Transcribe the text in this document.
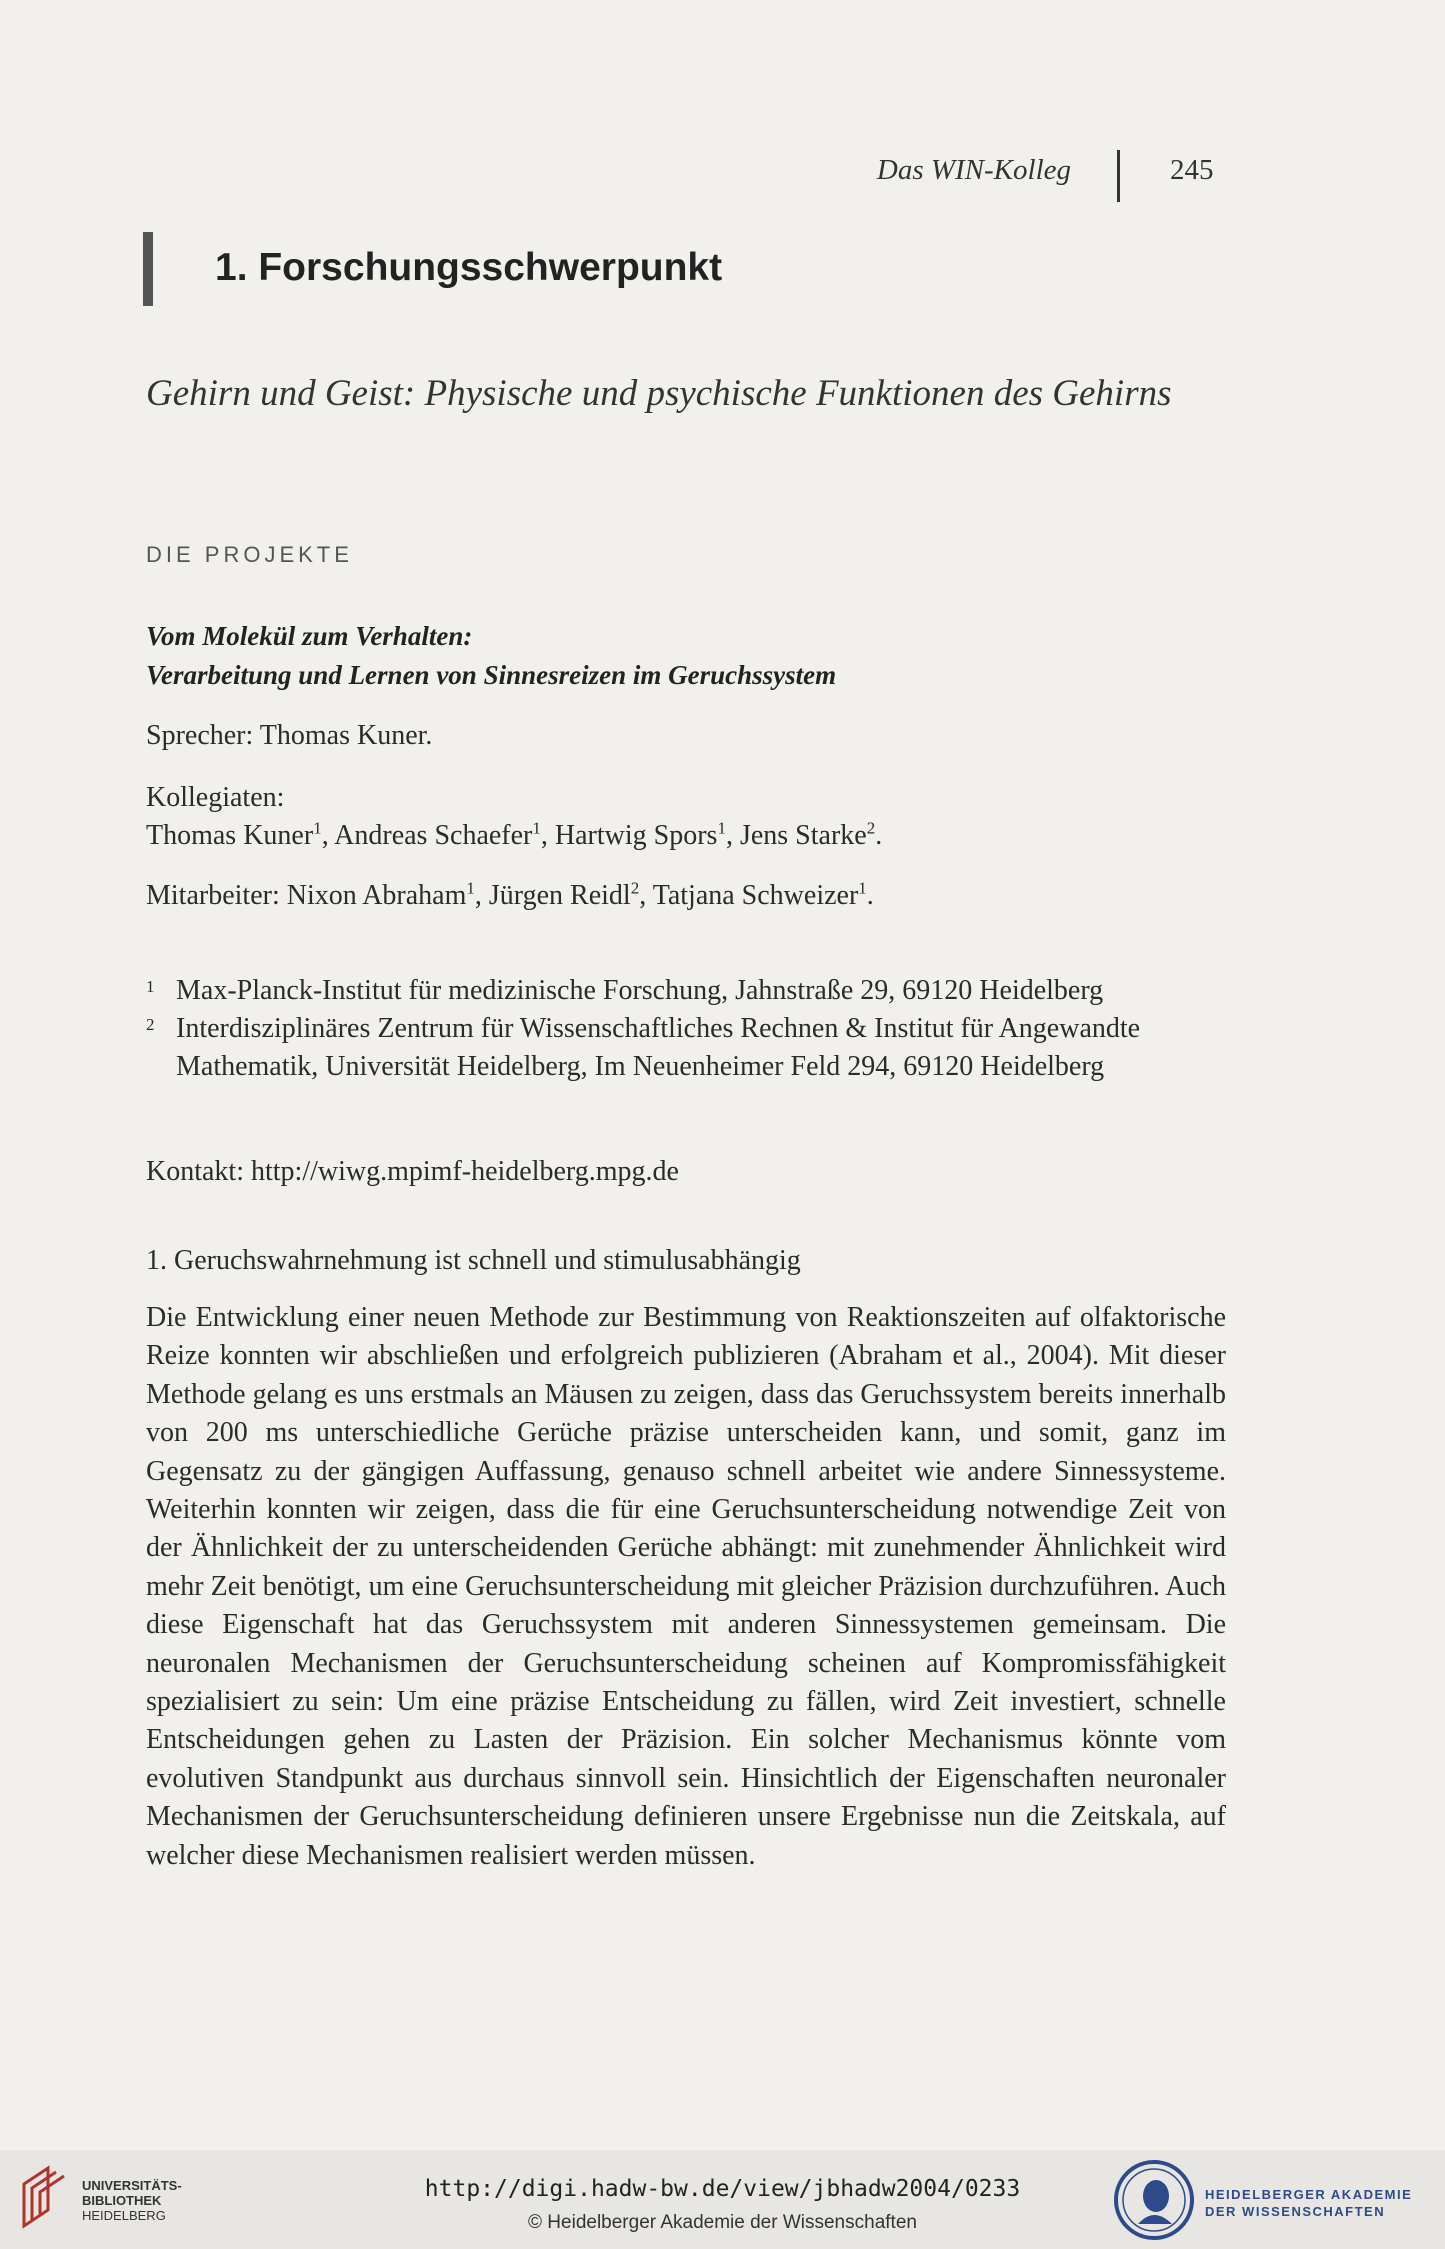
Das WIN-Kolleg	245
1. Forschungsschwerpunkt
Gehirn und Geist: Physische und psychische Funktionen des Gehirns
DIE PROJEKTE
Vom Molekül zum Verhalten:
Verarbeitung und Lernen von Sinnesreizen im Geruchssystem
Sprecher: Thomas Kuner.
Kollegiaten:
Thomas Kuner$^1$, Andreas Schaefer$^1$, Hartwig Spors$^1$, Jens Starke$^2$.
Mitarbeiter: Nixon Abraham$^1$, Jürgen Reidl$^2$, Tatjana Schweizer$^1$.
1 Max-Planck-Institut für medizinische Forschung, Jahnstraße 29, 69120 Heidelberg
2 Interdisziplinäres Zentrum für Wissenschaftliches Rechnen & Institut für Angewandte Mathematik, Universität Heidelberg, Im Neuenheimer Feld 294, 69120 Heidelberg
Kontakt: http://wiwg.mpimf-heidelberg.mpg.de
1. Geruchswahrnehmung ist schnell und stimulusabhängig
Die Entwicklung einer neuen Methode zur Bestimmung von Reaktionszeiten auf olfaktorische Reize konnten wir abschließen und erfolgreich publizieren (Abraham et al., 2004). Mit dieser Methode gelang es uns erstmals an Mäusen zu zeigen, dass das Geruchssystem bereits innerhalb von 200 ms unterschiedliche Gerüche präzise unterscheiden kann, und somit, ganz im Gegensatz zu der gängigen Auffassung, genauso schnell arbeitet wie andere Sinnessysteme. Weiterhin konnten wir zeigen, dass die für eine Geruchsunterscheidung notwendige Zeit von der Ähnlichkeit der zu unterscheidenden Gerüche abhängt: mit zunehmender Ähnlichkeit wird mehr Zeit benötigt, um eine Geruchsunterscheidung mit gleicher Präzision durchzuführen. Auch diese Eigenschaft hat das Geruchssystem mit anderen Sinnessystemen gemeinsam. Die neuronalen Mechanismen der Geruchsunterscheidung scheinen auf Kompromissfähigkeit spezialisiert zu sein: Um eine präzise Entscheidung zu fällen, wird Zeit investiert, schnelle Entscheidungen gehen zu Lasten der Präzision. Ein solcher Mechanismus könnte vom evolutiven Standpunkt aus durchaus sinnvoll sein. Hinsichtlich der Eigenschaften neuronaler Mechanismen der Geruchsunterscheidung definieren unsere Ergebnisse nun die Zeitskala, auf welcher diese Mechanismen realisiert werden müssen.
UNIVERSITÄTS-
BIBLIOTHEK
HEIDELBERG
http://digi.hadw-bw.de/view/jbhadw2004/0233
© Heidelberger Akademie der Wissenschaften
HEIDELBERGER AKADEMIE
DER WISSENSCHAFTEN
